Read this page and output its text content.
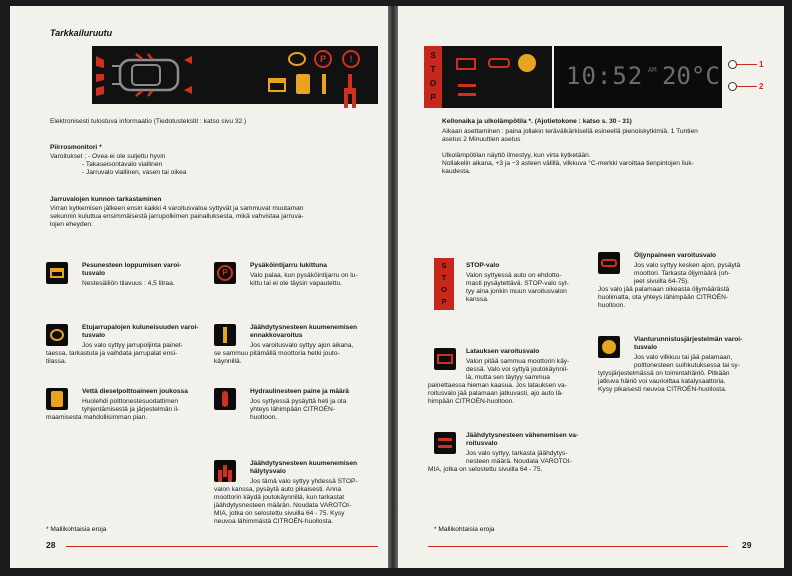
Tarkkailuruutu
P	!
Elektronisesti tulostuva informaatio (Tiedotustekstit : katso sivu 32.)
Piirrosmonitori *
Varoitukset ; - Ovea ei ole suljettu hyvin
- Takaseisontavalo viallinen
- Jarruvalo viallinen, vasen tai oikea
Jarruvalojen kunnon tarkastaminen
Virran kytkemisen jälkeen ensin kaikki 4 varoitusvaloa syttyvät ja sammuvat muutaman
sekunnin kuluttua ensimmäisestä jarrupolkimen painalluksesta, mikä vahvistaa jarruva-
lojen eheyden.
Pesunesteen loppumisen varoi-
tusvalo
Nestesäiliön tilavuus : 4,5 litraa.
P
Pysäköintijarru lukittuna
Valo palaa, kun pysäköintijarru on lu-
kittu tai ei ole täysin vapautettu.
Etujarrupalojen kuluneisuuden varoi-
tusvalo
Jos valo syttyy jarrupoljinta painet-
taessa, tarkastuta ja vaihdata jarrupalat ensi-
tilassa.
Jäähdytysnesteen kuumenemisen
ennakkovaroitus
Jos varoitusvalo syttyy ajon aikana,
se sammuu pitämällä moottoria hetki jouto-
käynnillä.
Vettä dieselpolttoaineen joukossa
Huolehdi polttonestesuodattimen
tyhjentämisestä ja järjestelmän il-
maamisesta mahdollisimman pian.
Hydraulinesteen paine ja määrä
Jos syttyessä pysäyttä heti ja ota
yhteys lähimpään CITROËN-
huoltoon.
Jäähdytysnesteen kuumenemisen
hälytysvalo
Jos tämä valo syttyy yhdessä STOP-
valon kanssa, pysäytä auto pikaisesti. Anna
moottorin käydä joutokäynnillä, kun tarkastat
jäähdytysnesteen määrän. Noudata VAROTOI-
MIA, jotka on selostettu sivuilla 64 - 75. Kysy
neuvoa lähimmästä CITROËN-huollosta.
* Mallikohtaisia eroja
28
S
T
O
P
10:52 AM 20°C	1
2
Kellonaika ja ulkolämpötila *. (Ajotietokone : katso s. 30 - 31)
Aikaan asettaminen : paina jollakin terävälkärkisellä esineellä pienoiskytkimiä. 1 Tuntien
asetus 2 Minuuttien asetus
Ulkolämpötilan näyttö ilmestyy, kun virta kytketään.
Nollakelin aikana, +3 ja −3 asteen välillä, vilkkuva °C-merkki varoittaa tienpintojen liuk-
kaudesta.
S
T
O
P
STOP-valo
Valon syttyessä auto on ehdotto-
masti pysäytettävä. STOP-valo syt-
tyy aina jonkin muun varoitusvalon
kanssa.
Öljynpaineen varoitusvalo
Jos valo syttyy kesken ajon, pysäytä
moottori. Tarkasta öljymäärä (oh-
jeet sivuilla 64-75).
Jos valo jää palamaan oikeasta öljymäärästä
huolimatta, ota yhteys lähimpään CITROËN-
huoltoon.
Vianturunnistusjärjestelmän varoi-
tusvalo
Jos valo vilkkuu tai jää palamaan,
polttonesteen suihkutuksessa tai sy-
tytysjärjestelmässä on toimintahäiriö. Pitkään
jatkuva häiriö voi vaurioittaa katalysaattoria.
Kysy pikaisesti neuvoa CITROËN-huollosta.
Latauksen varoitusvalo
Valon pitää sammua moottorin käy-
dessä. Valo voi syttyä joutokäynnil-
lä, mutta sen täytyy sammua
painettaessa hieman kaasua. Jos latauksen va-
roitusvalo jää palamaan jatkuvasti, ajo auto lä-
himpään CITROËN-huoltoon.
Jäähdytysnesteen vähenemisen va-
roitusvalo
Jos valo syttyy, tarkasta jäähdytys-
nesteen määrä. Noudata VAROTOI-
MIA, jotka on selostettu sivuilla 64 - 75.
* Mallikohtaisia eroja
29
